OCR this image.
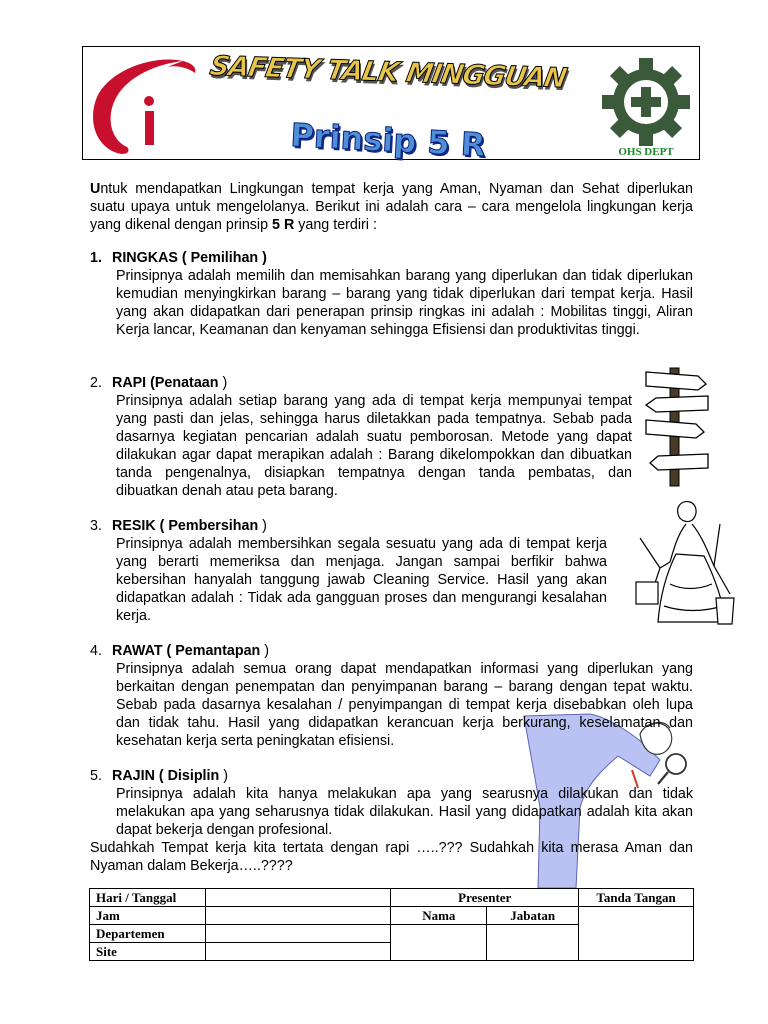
SAFETY TALK MINGGUAN
Prinsip 5 R	OHS DEPT
Untuk mendapatkan Lingkungan tempat kerja yang Aman, Nyaman dan Sehat diperlukan suatu upaya untuk mengelolanya. Berikut ini adalah cara – cara mengelola lingkungan kerja yang dikenal dengan prinsip 5 R yang terdiri :
1. RINGKAS ( Pemilihan )
Prinsipnya adalah memilih dan memisahkan barang yang diperlukan dan tidak diperlukan kemudian menyingkirkan barang – barang yang tidak diperlukan dari tempat kerja. Hasil yang akan didapatkan dari penerapan prinsip ringkas ini adalah : Mobilitas tinggi, Aliran Kerja lancar, Keamanan dan kenyaman sehingga Efisiensi dan produktivitas tinggi.
2. RAPI (Penataan )
Prinsipnya adalah setiap barang yang ada di tempat kerja mempunyai tempat yang pasti dan jelas, sehingga harus diletakkan pada tempatnya. Sebab pada dasarnya kegiatan pencarian adalah suatu pemborosan. Metode yang dapat dilakukan agar dapat merapikan adalah : Barang dikelompokkan dan dibuatkan tanda pengenalnya, disiapkan tempatnya dengan tanda pembatas, dan dibuatkan denah atau peta barang.
3. RESIK ( Pembersihan )
Prinsipnya adalah membersihkan segala sesuatu yang ada di tempat kerja yang berarti memeriksa dan menjaga. Jangan sampai berfikir bahwa kebersihan hanyalah tanggung jawab Cleaning Service. Hasil yang akan didapatkan adalah : Tidak ada gangguan proses dan mengurangi kesalahan kerja.
4. RAWAT ( Pemantapan )
Prinsipnya adalah semua orang dapat mendapatkan informasi yang diperlukan yang berkaitan dengan penempatan dan penyimpanan barang – barang dengan tepat waktu. Sebab pada dasarnya kesalahan / penyimpangan di tempat kerja disebabkan oleh lupa dan tidak tahu. Hasil yang didapatkan kerancuan kerja berkurang, keselamatan dan kesehatan kerja serta peningkatan efisiensi.
5. RAJIN ( Disiplin )
Prinsipnya adalah kita hanya melakukan apa yang searusnya dilakukan dan tidak melakukan apa yang seharusnya tidak dilakukan. Hasil yang didapatkan adalah kita akan dapat bekerja dengan profesional.
Sudahkah Tempat kerja kita tertata dengan rapi …..??? Sudahkah kita merasa Aman dan Nyaman dalam Bekerja…..????
Hari / Tanggal		Presenter		Tanda Tangan
Jam		Nama	Jabatan	
Departemen				
Site				
